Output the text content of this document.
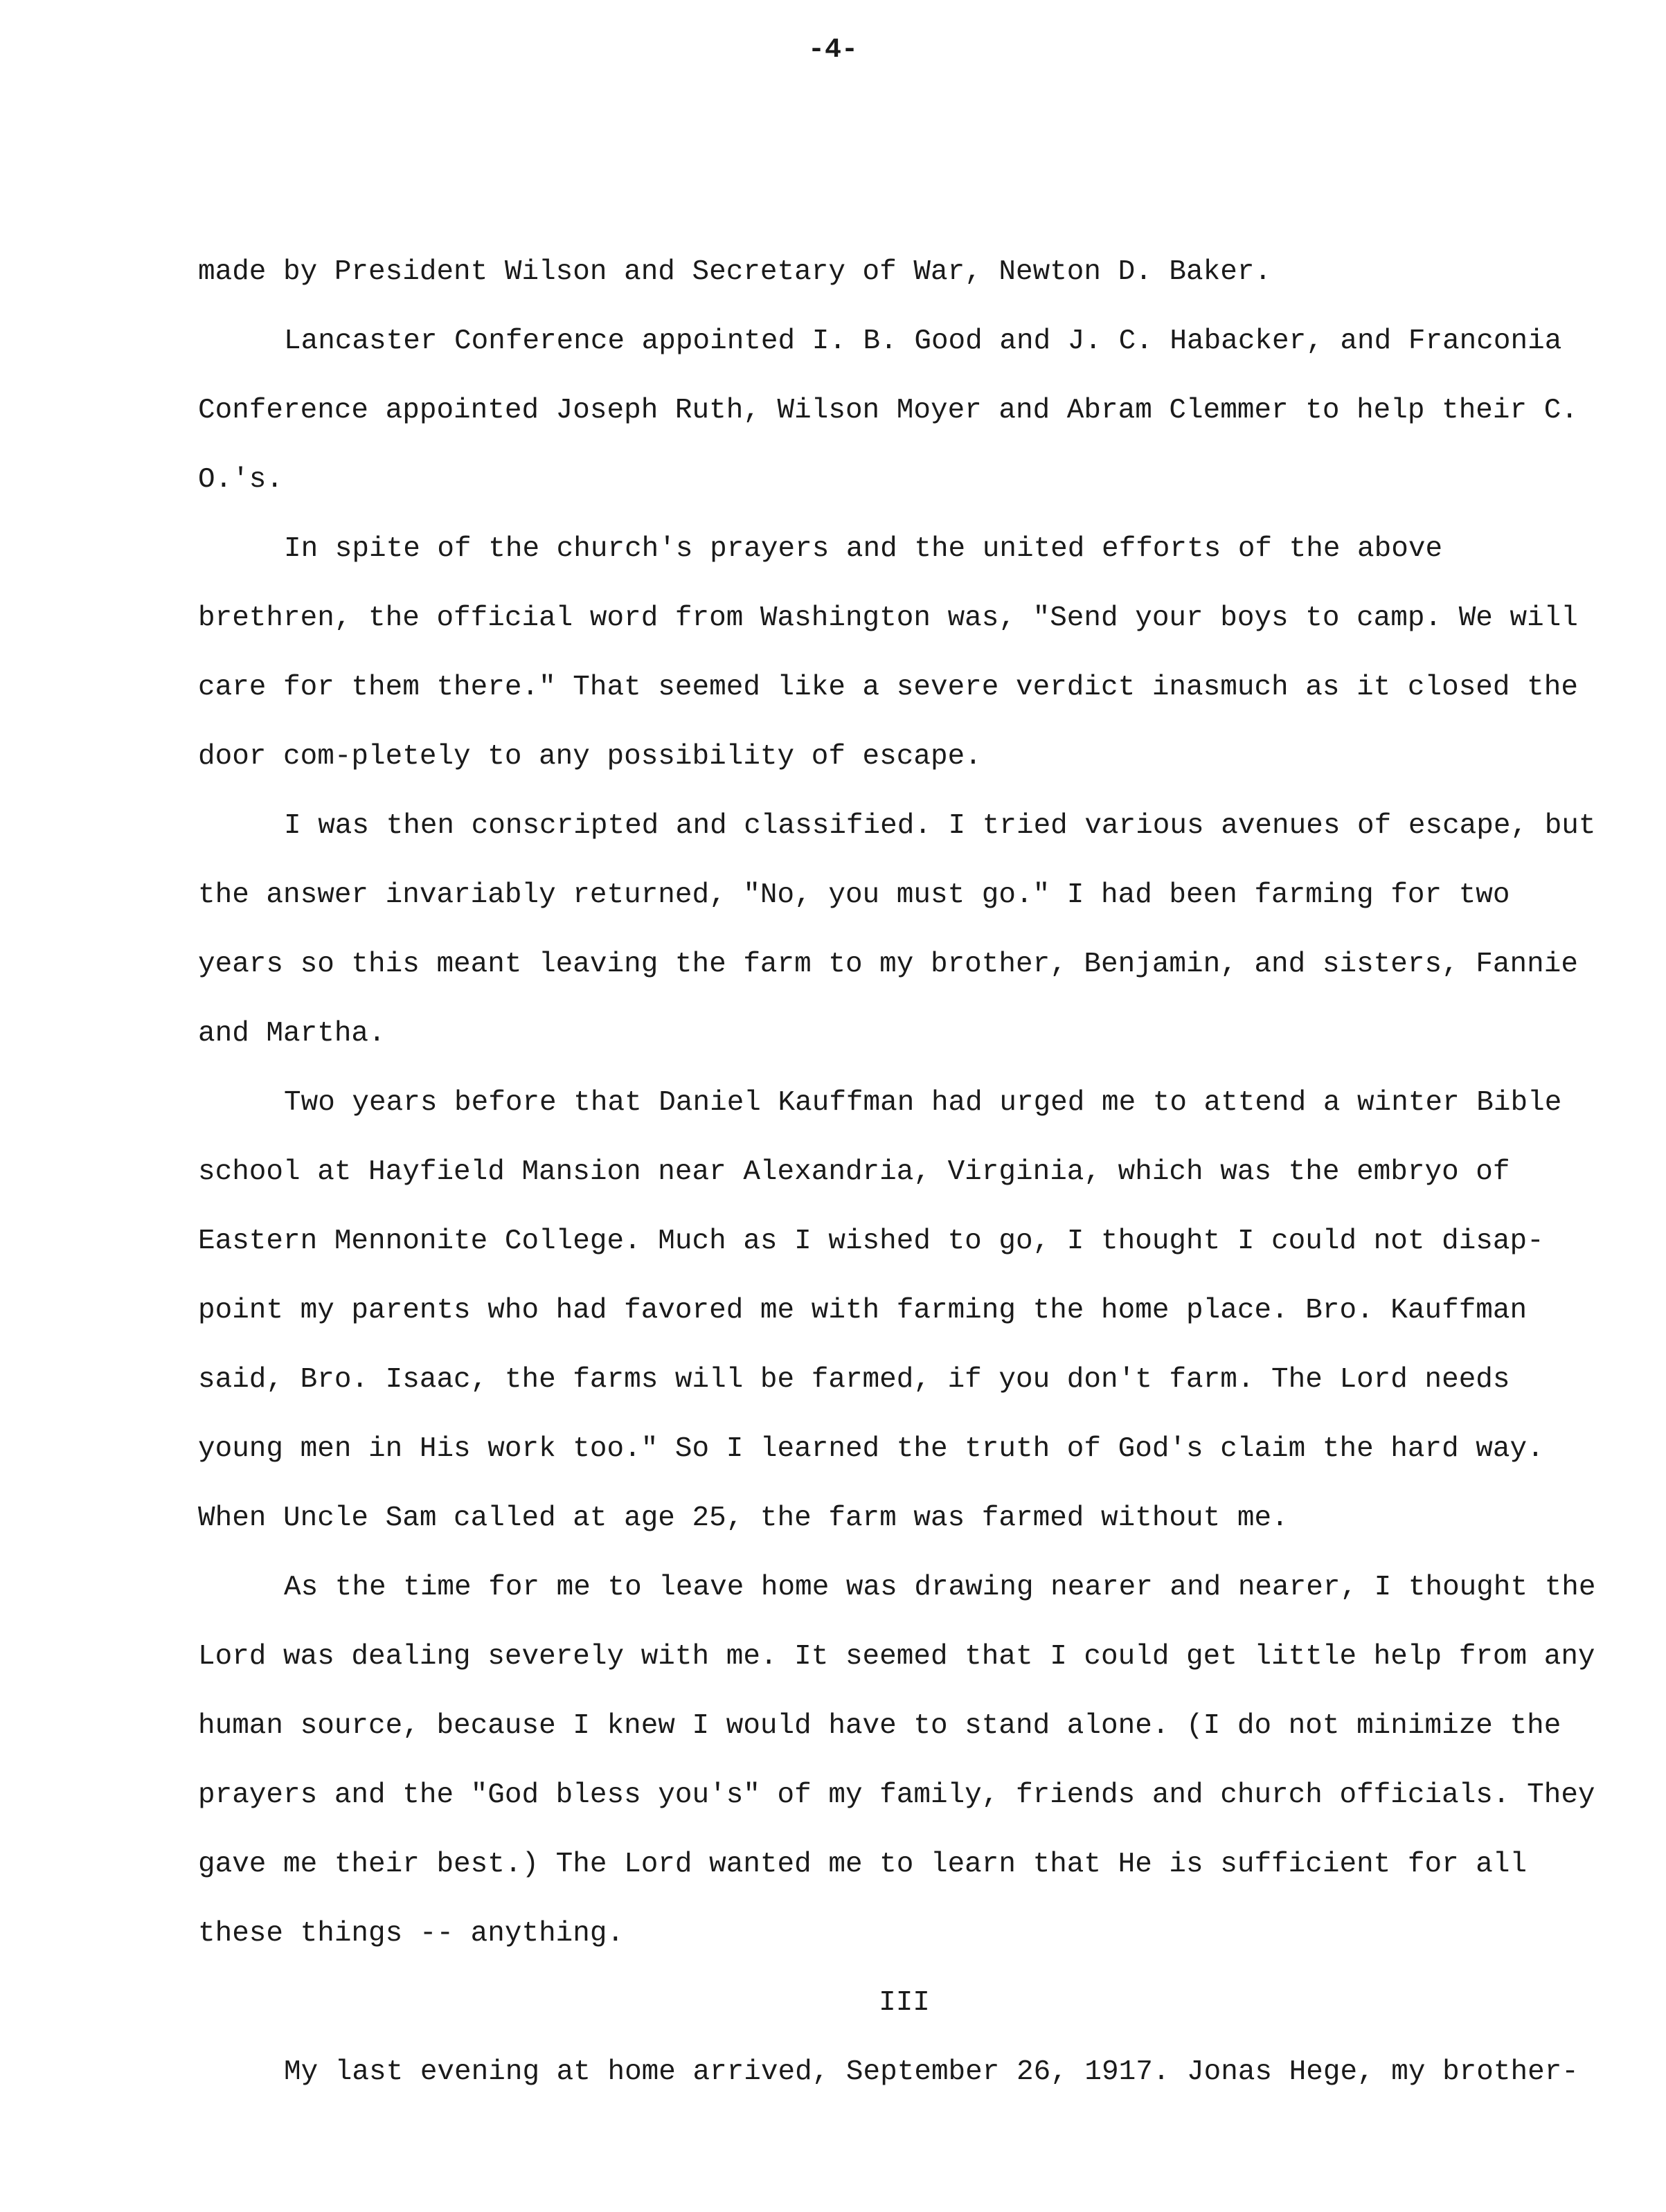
-4-

made by President Wilson and Secretary of War, Newton D. Baker.

Lancaster Conference appointed I. B. Good and J. C. Habacker, and Franconia Conference appointed Joseph Ruth, Wilson Moyer and Abram Clemmer to help their C. O.'s.

In spite of the church's prayers and the united efforts of the above brethren, the official word from Washington was, "Send your boys to camp. We will care for them there." That seemed like a severe verdict inasmuch as it closed the door com-pletely to any possibility of escape.

I was then conscripted and classified. I tried various avenues of escape, but the answer invariably returned, "No, you must go." I had been farming for two years so this meant leaving the farm to my brother, Benjamin, and sisters, Fannie and Martha.

Two years before that Daniel Kauffman had urged me to attend a winter Bible school at Hayfield Mansion near Alexandria, Virginia, which was the embryo of Eastern Mennonite College. Much as I wished to go, I thought I could not disap-point my parents who had favored me with farming the home place. Bro. Kauffman said, Bro. Isaac, the farms will be farmed, if you don't farm. The Lord needs young men in His work too." So I learned the truth of God's claim the hard way. When Uncle Sam called at age 25, the farm was farmed without me.

As the time for me to leave home was drawing nearer and nearer, I thought the Lord was dealing severely with me. It seemed that I could get little help from any human source, because I knew I would have to stand alone. (I do not minimize the prayers and the "God bless you's" of my family, friends and church officials. They gave me their best.) The Lord wanted me to learn that He is sufficient for all these things -- anything.

III

My last evening at home arrived, September 26, 1917. Jonas Hege, my brother-
